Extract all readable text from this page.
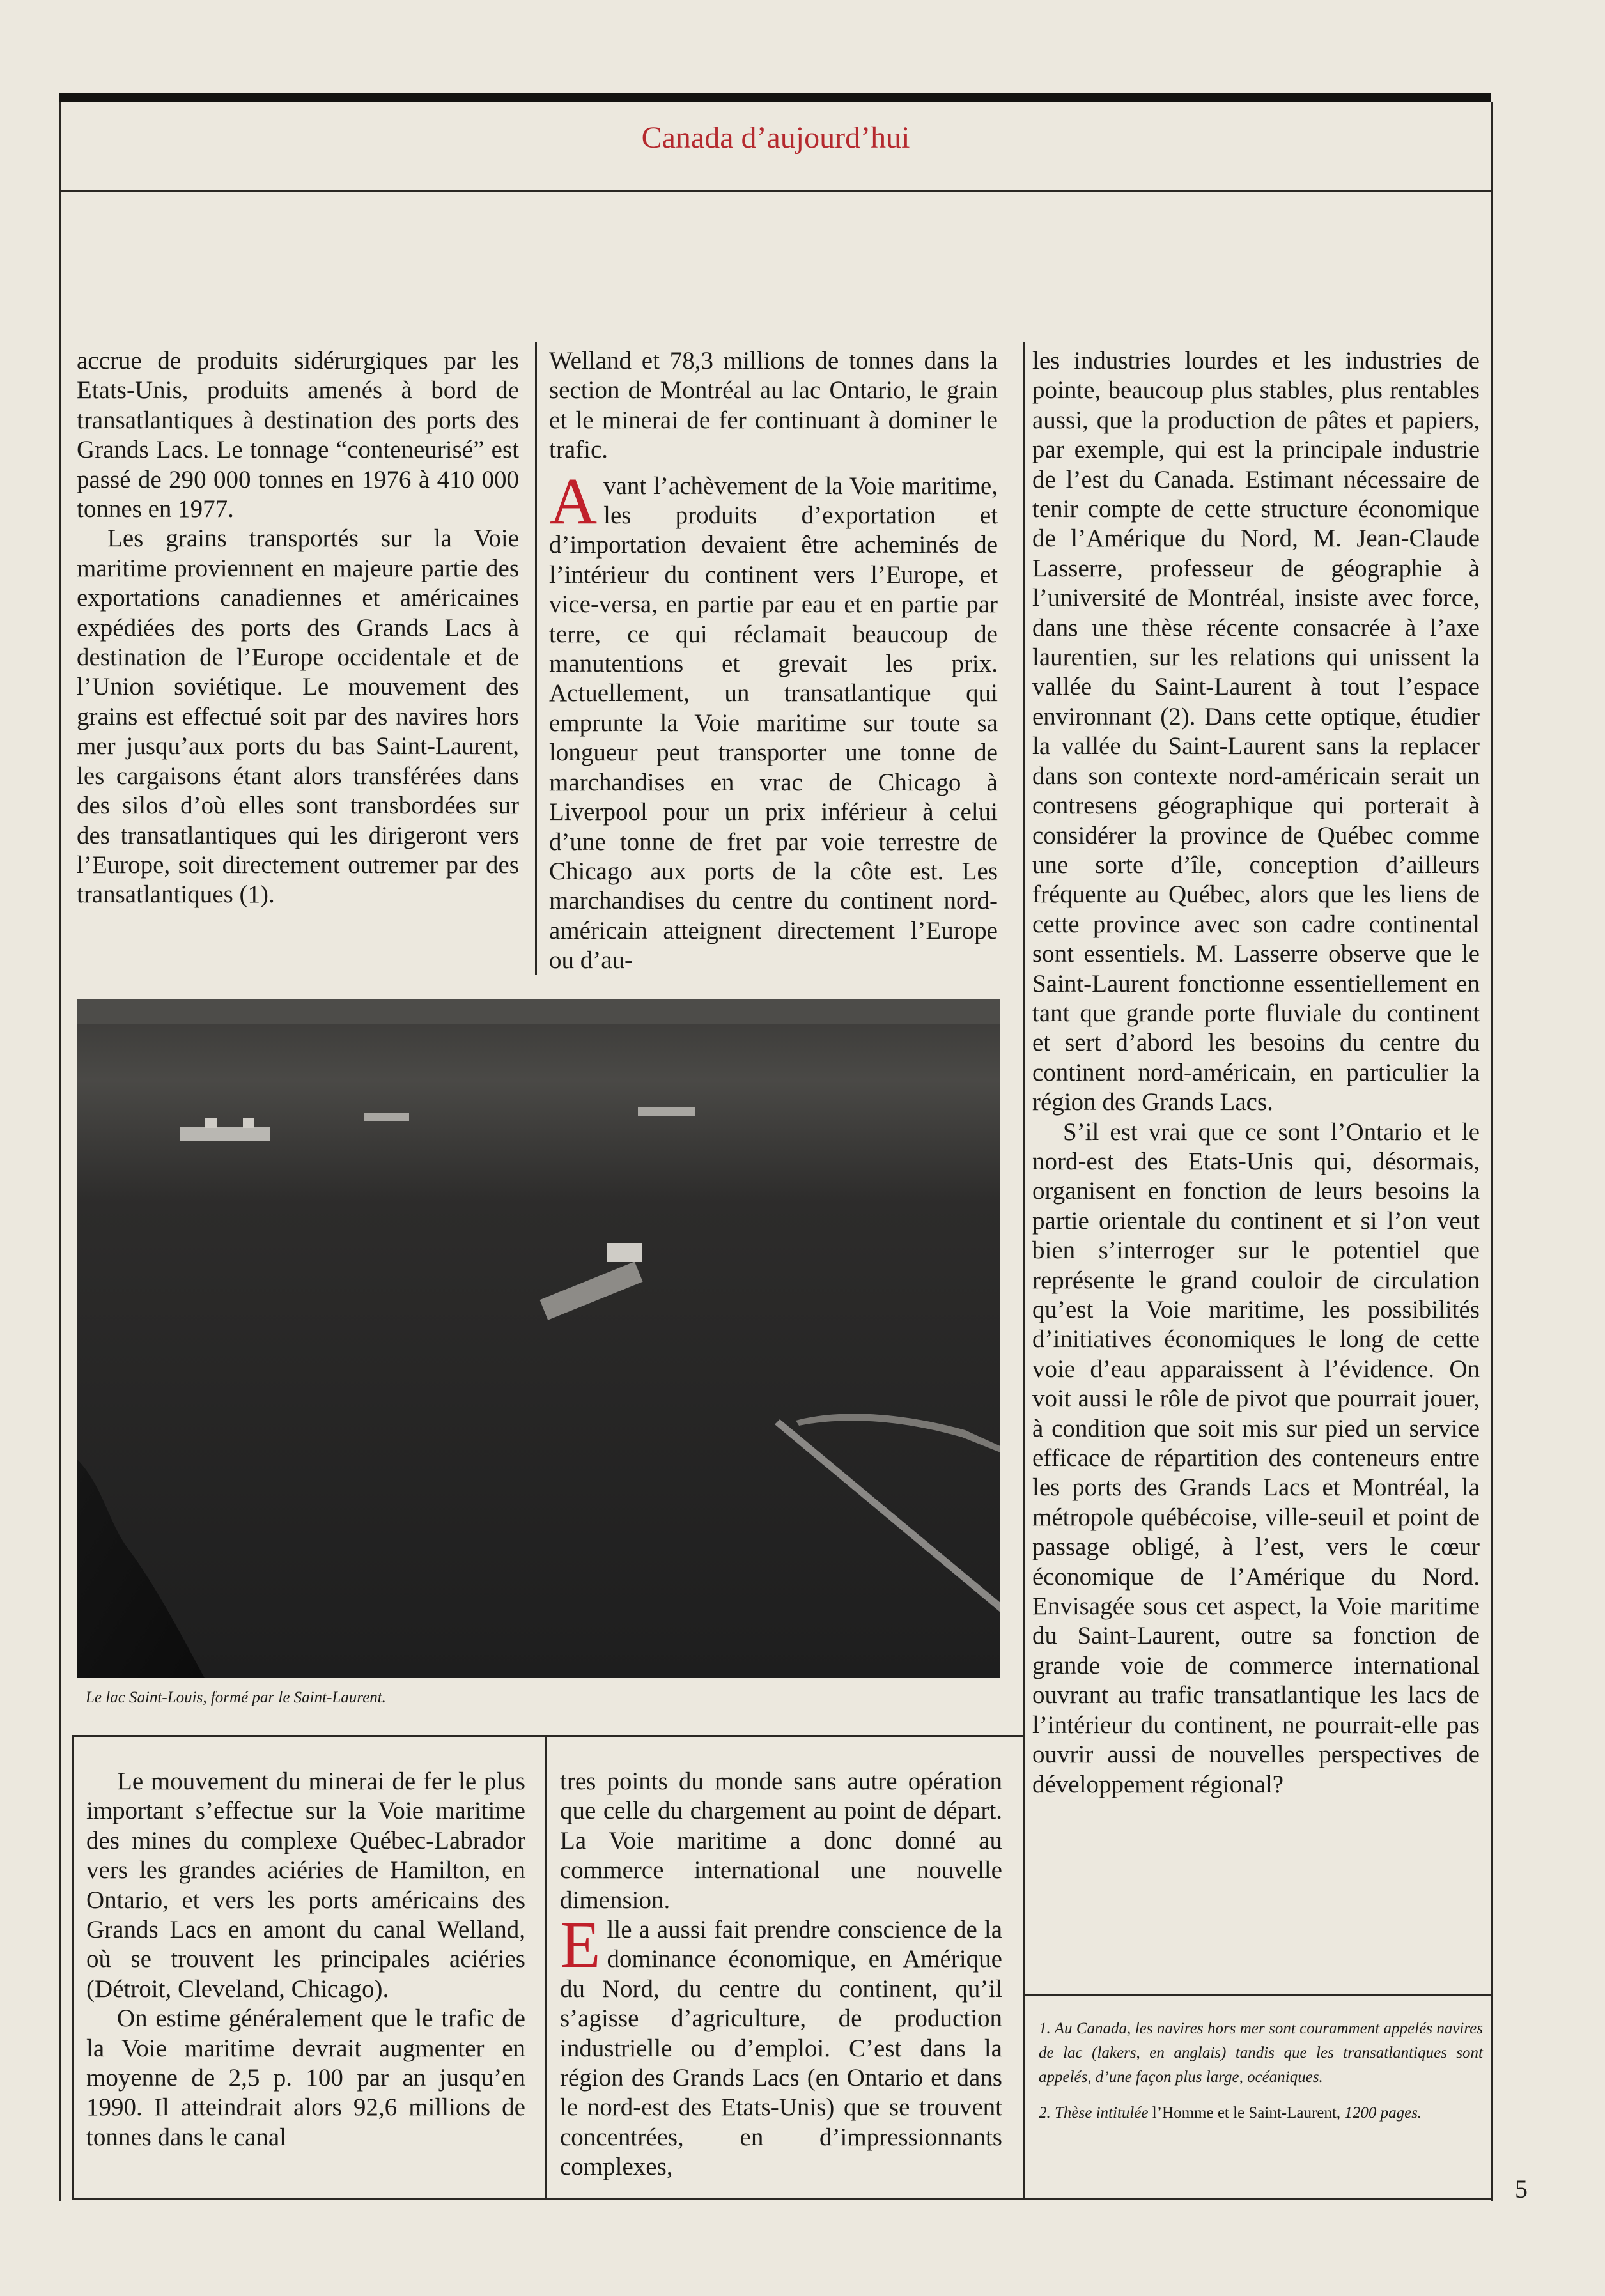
Canada d’aujourd’hui

accrue de produits sidérurgiques par les Etats-Unis, produits amenés à bord de transatlantiques à destination des ports des Grands Lacs. Le tonnage “conteneurisé” est passé de 290 000 tonnes en 1976 à 410 000 tonnes en 1977.

Les grains transportés sur la Voie maritime proviennent en majeure partie des exportations canadiennes et américaines expédiées des ports des Grands Lacs à destination de l’Europe occidentale et de l’Union soviétique. Le mouvement des grains est effectué soit par des navires hors mer jusqu’aux ports du bas Saint-Laurent, les cargaisons étant alors transférées dans des silos d’où elles sont transbordées sur des transatlantiques qui les dirigeront vers l’Europe, soit directement outremer par des transatlantiques (1).

Welland et 78,3 millions de tonnes dans la section de Montréal au lac Ontario, le grain et le minerai de fer continuant à dominer le trafic.

Avant l’achèvement de la Voie maritime, les produits d’exportation et d’importation devaient être acheminés de l’intérieur du continent vers l’Europe, et vice-versa, en partie par eau et en partie par terre, ce qui réclamait beaucoup de manutentions et grevait les prix. Actuellement, un transatlantique qui emprunte la Voie maritime sur toute sa longueur peut transporter une tonne de marchandises en vrac de Chicago à Liverpool pour un prix inférieur à celui d’une tonne de fret par voie terrestre de Chicago aux ports de la côte est. Les marchandises du centre du continent nord-américain atteignent directement l’Europe ou d’au-

les industries lourdes et les industries de pointe, beaucoup plus stables, plus rentables aussi, que la production de pâtes et papiers, par exemple, qui est la principale industrie de l’est du Canada. Estimant nécessaire de tenir compte de cette structure économique de l’Amérique du Nord, M. Jean-Claude Lasserre, professeur de géographie à l’université de Montréal, insiste avec force, dans une thèse récente consacrée à l’axe laurentien, sur les relations qui unissent la vallée du Saint-Laurent à tout l’espace environnant (2). Dans cette optique, étudier la vallée du Saint-Laurent sans la replacer dans son contexte nord-américain serait un contresens géographique qui porterait à considérer la province de Québec comme une sorte d’île, conception d’ailleurs fréquente au Québec, alors que les liens de cette province avec son cadre continental sont essentiels. M. Lasserre observe que le Saint-Laurent fonctionne essentiellement en tant que grande porte fluviale du continent et sert d’abord les besoins du centre du continent nord-américain, en particulier la région des Grands Lacs.

S’il est vrai que ce sont l’Ontario et le nord-est des Etats-Unis qui, désormais, organisent en fonction de leurs besoins la partie orientale du continent et si l’on veut bien s’interroger sur le potentiel que représente le grand couloir de circulation qu’est la Voie maritime, les possibilités d’initiatives économiques le long de cette voie d’eau apparaissent à l’évidence. On voit aussi le rôle de pivot que pourrait jouer, à condition que soit mis sur pied un service efficace de répartition des conteneurs entre les ports des Grands Lacs et Montréal, la métropole québécoise, ville-seuil et point de passage obligé, à l’est, vers le cœur économique de l’Amérique du Nord. Envisagée sous cet aspect, la Voie maritime du Saint-Laurent, outre sa fonction de grande voie de commerce international ouvrant au trafic transatlantique les lacs de l’intérieur du continent, ne pourrait-elle pas ouvrir aussi de nouvelles perspectives de développement régional?

Le lac Saint-Louis, formé par le Saint-Laurent.

Le mouvement du minerai de fer le plus important s’effectue sur la Voie maritime des mines du complexe Québec-Labrador vers les grandes aciéries de Hamilton, en Ontario, et vers les ports américains des Grands Lacs en amont du canal Welland, où se trouvent les principales aciéries (Détroit, Cleveland, Chicago).

On estime généralement que le trafic de la Voie maritime devrait augmenter en moyenne de 2,5 p. 100 par an jusqu’en 1990. Il atteindrait alors 92,6 millions de tonnes dans le canal

tres points du monde sans autre opération que celle du chargement au point de départ. La Voie maritime a donc donné au commerce international une nouvelle dimension.

Elle a aussi fait prendre conscience de la dominance économique, en Amérique du Nord, du centre du continent, qu’il s’agisse d’agriculture, de production industrielle ou d’emploi. C’est dans la région des Grands Lacs (en Ontario et dans le nord-est des Etats-Unis) que se trouvent concentrées, en d’impressionnants complexes,

1. Au Canada, les navires hors mer sont couramment appelés navires de lac (lakers, en anglais) tandis que les transatlantiques sont appelés, d’une façon plus large, océaniques.

2. Thèse intitulée l’Homme et le Saint-Laurent, 1200 pages.

5
